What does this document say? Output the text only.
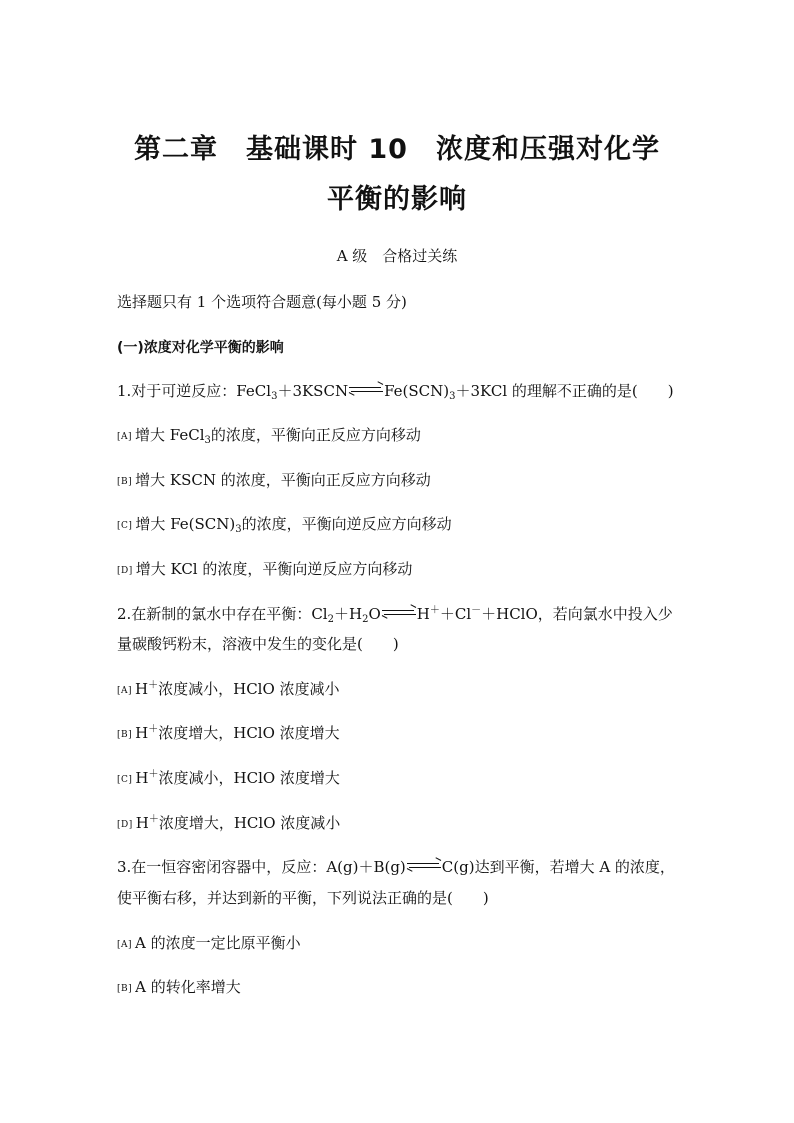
第二章　基础课时 10　浓度和压强对化学
平衡的影响
A 级　合格过关练
选择题只有 1 个选项符合题意(每小题 5 分)
(一)浓度对化学平衡的影响
1.对于可逆反应：FeCl$_3$＋3KSCN $Fe(SCN)_3+3KCl$ 的理解不正确的是(　　)
[A] 增大 FeCl$_3$的浓度，平衡向正反应方向移动
[B] 增大 KSCN 的浓度，平衡向正反应方向移动
[C] 增大 $Fe(SCN)_3$的浓度，平衡向逆反应方向移动
[D] 增大 KCl 的浓度，平衡向逆反应方向移动
2.在新制的氯水中存在平衡：$Cl_2+H_2O$ H＋＋Cl－＋HClO，若向氯水中投入少
量碳酸钙粉末，溶液中发生的变化是(　　)
[A] H＋浓度减小，HClO 浓度减小
[B] H＋浓度增大，HClO 浓度增大
[C] H＋浓度减小，HClO 浓度增大
[D] H＋浓度增大，HClO 浓度减小
3.在一恒容密闭容器中，反应：A(g)＋B(g) C(g)达到平衡，若增大 A 的浓度，
使平衡右移，并达到新的平衡，下列说法正确的是(　　)
[A] A 的浓度一定比原平衡小
[B] A 的转化率增大
